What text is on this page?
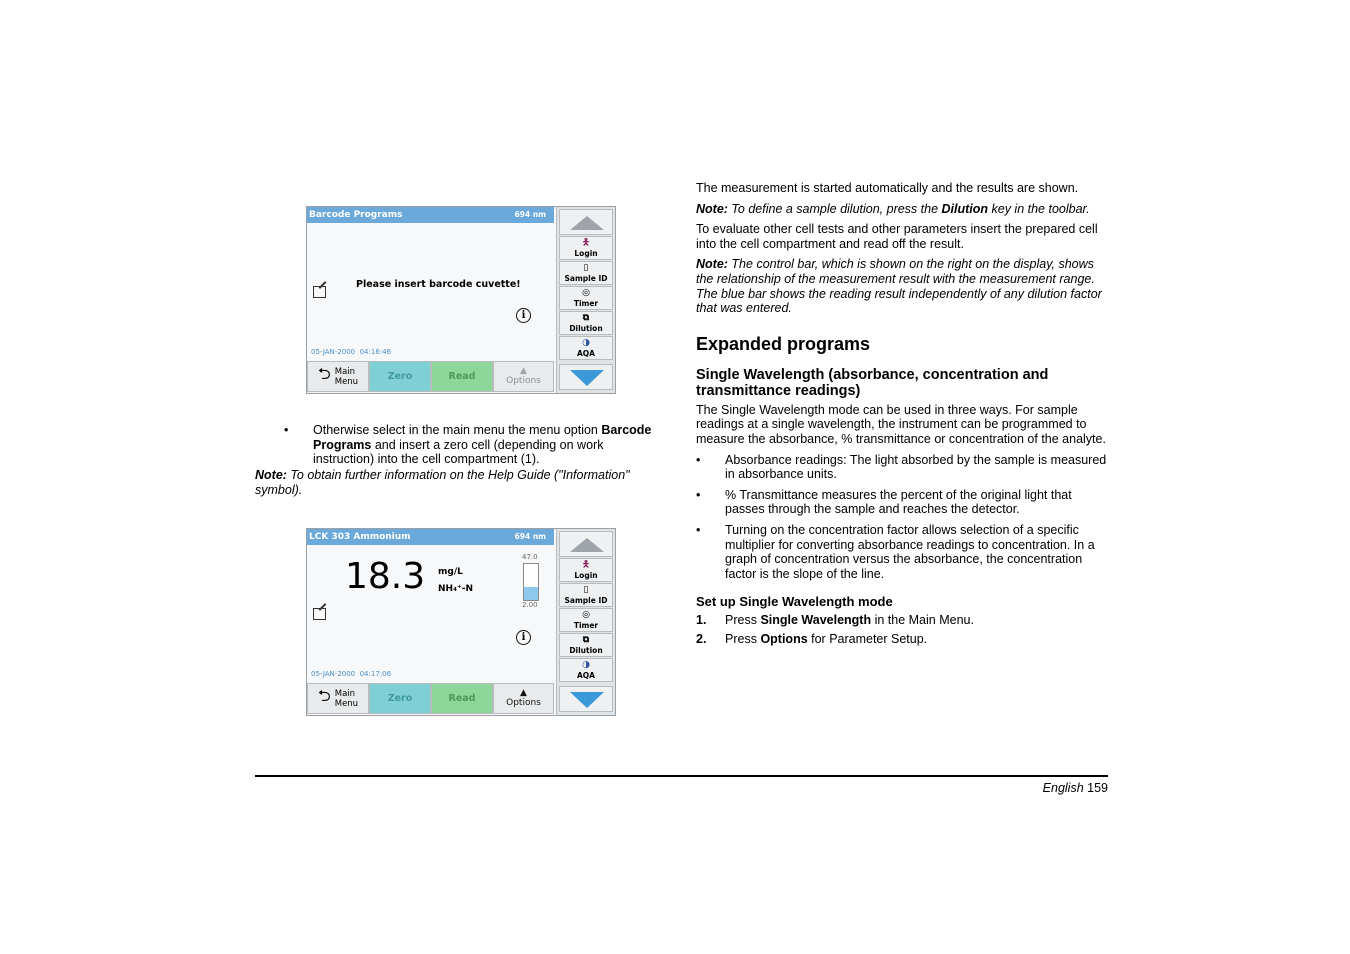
Barcode Programs	694 nm
Please insert barcode cuvette!
i
05-JAN-2000 04:16:46
⮌ Main
Menu	Zero	Read	▲
Options
🯅
Login
▯
Sample ID
◎
Timer
⧉
Dilution
◑
AQA
• Otherwise select in the main menu the menu option Barcode Programs and insert a zero cell (depending on work instruction) into the cell compartment (1).

Note: To obtain further information on the Help Guide ("Information" symbol).

LCK 303 Ammonium	694 nm
18.3 mg/L
NH₄⁺-N
47.0
2.00
i
05-JAN-2000 04:17:06
⮌ Main
Menu	Zero	Read	▲
Options
🯅
Login
▯
Sample ID
◎
Timer
⧉
Dilution
◑
AQA

The measurement is started automatically and the results are shown.

Note: To define a sample dilution, press the Dilution key in the toolbar.

To evaluate other cell tests and other parameters insert the prepared cell into the cell compartment and read off the result.

Note: The control bar, which is shown on the right on the display, shows the relationship of the measurement result with the measurement range. The blue bar shows the reading result independently of any dilution factor that was entered.

Expanded programs
Single Wavelength (absorbance, concentration and transmittance readings)

The Single Wavelength mode can be used in three ways. For sample readings at a single wavelength, the instrument can be programmed to measure the absorbance, % transmittance or concentration of the analyte.

• Absorbance readings: The light absorbed by the sample is measured in absorbance units.

• % Transmittance measures the percent of the original light that passes through the sample and reaches the detector.

• Turning on the concentration factor allows selection of a specific multiplier for converting absorbance readings to concentration. In a graph of concentration versus the absorbance, the concentration factor is the slope of the line.

Set up Single Wavelength mode
1. Press Single Wavelength in the Main Menu.

2. Press Options for Parameter Setup.

English 159
